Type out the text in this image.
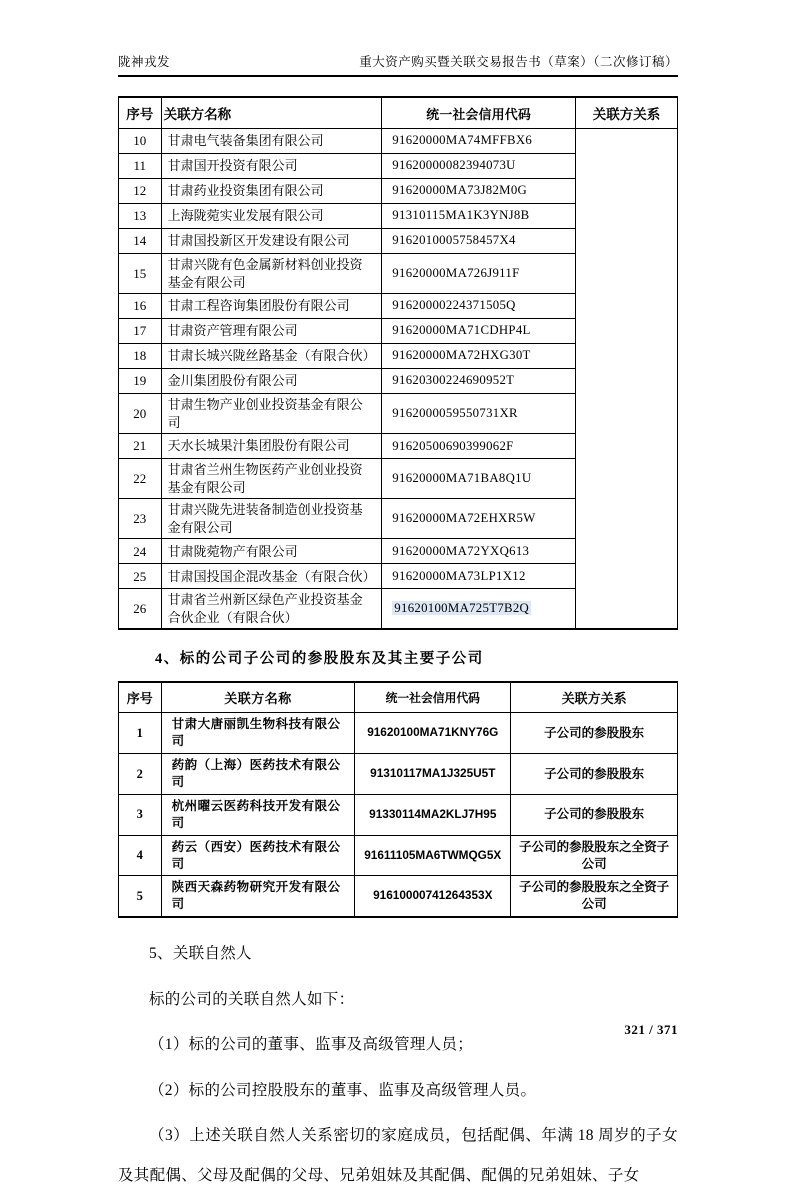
陇神戎发	重大资产购买暨关联交易报告书（草案）（二次修订稿）
序号	关联方名称	统一社会信用代码	关联方关系
10	甘肃电气装备集团有限公司	91620000MA74MFFBX6	
11	甘肃国开投资有限公司	91620000082394073U	
12	甘肃药业投资集团有限公司	91620000MA73J82M0G	
13	上海陇菀实业发展有限公司	91310115MA1K3YNJ8B	
14	甘肃国投新区开发建设有限公司	9162010005758457X4	
15	甘肃兴陇有色金属新材料创业投资基金有限公司	91620000MA726J911F	
16	甘肃工程咨询集团股份有限公司	91620000224371505Q	
17	甘肃资产管理有限公司	91620000MA71CDHP4L	
18	甘肃长城兴陇丝路基金（有限合伙）	91620000MA72HXG30T	
19	金川集团股份有限公司	91620300224690952T	
20	甘肃生物产业创业投资基金有限公司	9162000059550731XR	
21	天水长城果汁集团股份有限公司	91620500690399062F	
22	甘肃省兰州生物医药产业创业投资基金有限公司	91620000MA71BA8Q1U	
23	甘肃兴陇先进装备制造创业投资基金有限公司	91620000MA72EHXR5W	
24	甘肃陇菀物产有限公司	91620000MA72YXQ613	
25	甘肃国投国企混改基金（有限合伙）	91620000MA73LP1X12	
26	甘肃省兰州新区绿色产业投资基金合伙企业（有限合伙）	91620100MA725T7B2Q	
4、标的公司子公司的参股股东及其主要子公司
序号	关联方名称	统一社会信用代码	关联方关系
1	甘肃大唐丽凯生物科技有限公司	91620100MA71KNY76G	子公司的参股股东
2	药韵（上海）医药技术有限公司	91310117MA1J325U5T	子公司的参股股东
3	杭州曜云医药科技开发有限公司	91330114MA2KLJ7H95	子公司的参股股东
4	药云（西安）医药技术有限公司	91611105MA6TWMQG5X	子公司的参股股东之全资子公司
5	陕西天森药物研究开发有限公司	91610000741264353X	子公司的参股股东之全资子公司

5、关联自然人

标的公司的关联自然人如下：

（1）标的公司的董事、监事及高级管理人员；

（2）标的公司控股股东的董事、监事及高级管理人员。

（3）上述关联自然人关系密切的家庭成员，包括配偶、年满 18 周岁的子女及其配偶、父母及配偶的父母、兄弟姐妹及其配偶、配偶的兄弟姐妹、子女

321 / 371
